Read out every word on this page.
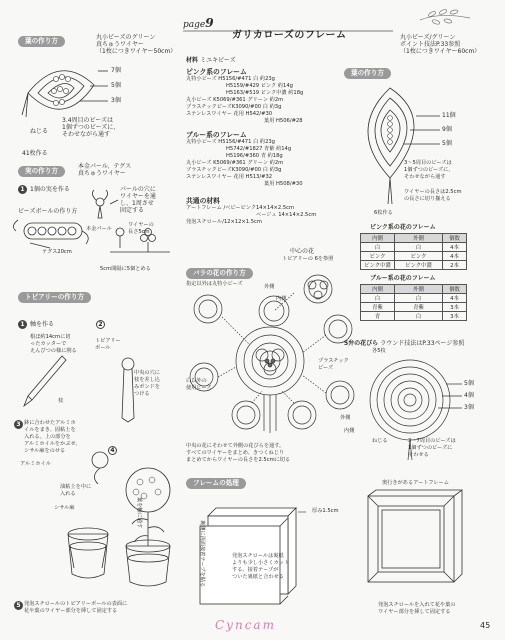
page9
ガリカローズのフレーム
葉の作り方	丸小ビーズのグリーン
真ちゅうワイヤー
（1枚につきワイヤー50cm）
7個
5個
3個
3.4周目のビーズは
1個ずつのビーズに、
そわせながら通す
ねじる
41枚作る
実の作り方
本金パール、テグス
真ちゅうワイヤー
1 1個の実を作る	パールの穴に
ワイヤーを通
し、1周させ
固定する
ビーズボールの作り方
本金パール
ワイヤーの
長さ5cm
テグス20cm
5cm間隔に5個とめる
トピアリーの作り方
1 軸を作る
根ほ約14cmに切
ったカッターで
えんぴつの様に削る
枝
2
トピアリー
ボール
中央の穴に
枝を差し込
みボンドを
つける
3 鉢に合わせたアルミホ
イルをまき、固粘土を
入れる。上の部分を
アルミホイルをかぶせ、
シサル麻をのせる
アルミホイル
油粘土を中に
入れる
シサル麻
4
葉を軸に通す
5 発泡スチロールのトピアリーボールの表面に
花や葉のワイヤー部分を挿して固定する
材料 ミユキビーズ
ピンク系のフレーム
丸特小ビーズ H5156/#471 白 約23g
H5159/#429 ピンク 約14g
H5163/#519 ピンク中濃 約18g
丸小ビーズ K5069/#361 グリーン 約2m
プラスチックビーズK3090/#00 白 約3g
ステンレスワイヤー 花用 H542/#30
葉用 H506/#28
ブルー系のフレーム
丸特小ビーズ H5156/#471 白 約23g
H5742/#1827 青紫 約14g
H5196/#360 青 約18g
丸小ビーズ K5069/#361 グリーン 約2m
プラスチックビーズK3090/#00 白 約3g
ステンレスワイヤー 花用 H513/#32
葉用 H508/#30
共通の材料
アートフレーム /ベビーピンク14×14×2.5cm
ベージュ 14×14×2.5cm
発泡スチロール/12×12×1.5cm
バラの花の作り方
指定以外は丸特小ビーズ
中心の花
トピアリーの 6を参照
外側
内側
プラスチック
ビーズ
白以外の
使用ビーズ
中央の花にそわせて外側の花びらを通す。
すべてのワイヤーをまとめ、きつくねじり
まとめてからワイヤーの長さを2.5cmに切る
フレームの処理
厚み1.5cm
裏側に両面接着テープを貼る	発泡スチロールは裏紙
よりも少し小さくカット
する。接着テープが
ついた裏紙と合わせる
丸小ビーズ/グリーン
ポイント技法P.33参照
（1枚につきワイヤー60cm）
葉の作り方
11個
9個
5個
3〜5周目のビーズは
1個ずつのビーズに、
そわせながら通す
ワイヤーの長さは2.5cm
の長さに切り揃える
6枚作る
ピンク系の花のフレーム
内側	外側	個数
白	白	4本
ピンク	ピンク	4本
ピンク中濃	ピンク中濃	2本
ブルー系の花のフレーム
内側	外側	個数
白	白	4本
青紫	青紫	3本
青	白	3本
5弁の花びら ラウンド技法はP.33ページ参照
各5枚
5個
4個
3個
外側
内側
ねじる	3〜7周目のビーズは
1個ずつのビーズに
そわせる
奥行きがあるアートフレーム
発泡スチロールを入れて花や葉の
ワイヤー部分を挿して固定する
Cyncam	45
